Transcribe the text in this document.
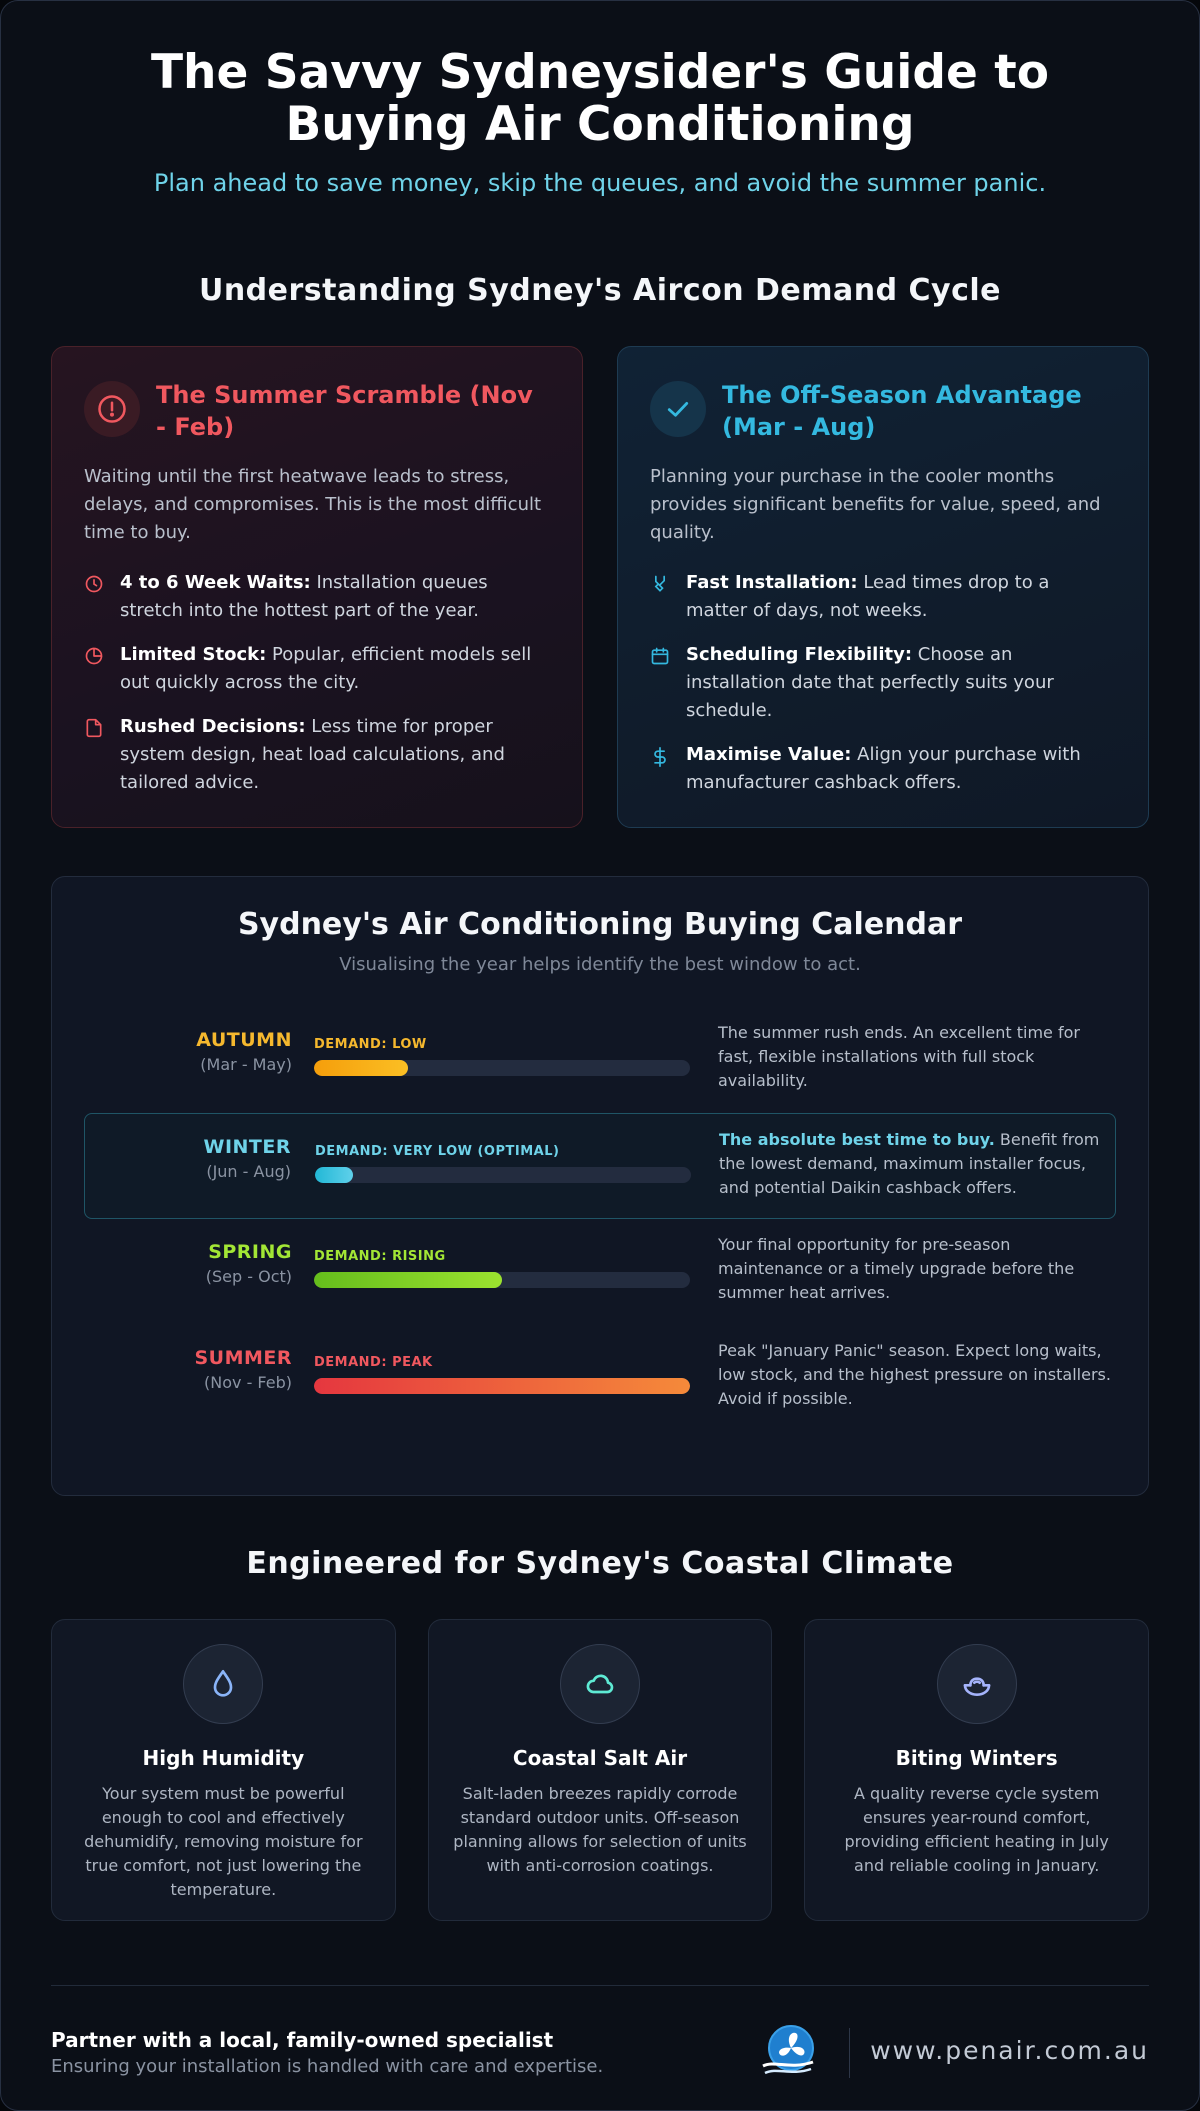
The Savvy Sydneysider's Guide to
Buying Air Conditioning
Plan ahead to save money, skip the queues, and avoid the summer panic.
Understanding Sydney's Aircon Demand Cycle
The Summer Scramble (Nov - Feb)
Waiting until the first heatwave leads to stress, delays, and compromises. This is the most difficult time to buy.
4 to 6 Week Waits: Installation queues stretch into the hottest part of the year.
Limited Stock: Popular, efficient models sell out quickly across the city.
Rushed Decisions: Less time for proper system design, heat load calculations, and tailored advice.
The Off-Season Advantage (Mar - Aug)
Planning your purchase in the cooler months provides significant benefits for value, speed, and quality.
Fast Installation: Lead times drop to a matter of days, not weeks.
Scheduling Flexibility: Choose an installation date that perfectly suits your schedule.
Maximise Value: Align your purchase with manufacturer cashback offers.
Sydney's Air Conditioning Buying Calendar
Visualising the year helps identify the best window to act.
AUTUMN
(Mar - May)
DEMAND: LOW
The summer rush ends. An excellent time for fast, flexible installations with full stock availability.
WINTER
(Jun - Aug)
DEMAND: VERY LOW (OPTIMAL)
The absolute best time to buy. Benefit from the lowest demand, maximum installer focus, and potential Daikin cashback offers.
SPRING
(Sep - Oct)
DEMAND: RISING
Your final opportunity for pre-season maintenance or a timely upgrade before the summer heat arrives.
SUMMER
(Nov - Feb)
DEMAND: PEAK
Peak "January Panic" season. Expect long waits, low stock, and the highest pressure on installers. Avoid if possible.
Engineered for Sydney's Coastal Climate
High Humidity
Your system must be powerful enough to cool and effectively dehumidify, removing moisture for true comfort, not just lowering the temperature.
Coastal Salt Air
Salt-laden breezes rapidly corrode standard outdoor units. Off-season planning allows for selection of units with anti-corrosion coatings.
Biting Winters
A quality reverse cycle system ensures year-round comfort, providing efficient heating in July and reliable cooling in January.
Partner with a local, family-owned specialist
Ensuring your installation is handled with care and expertise.
www.penair.com.au
